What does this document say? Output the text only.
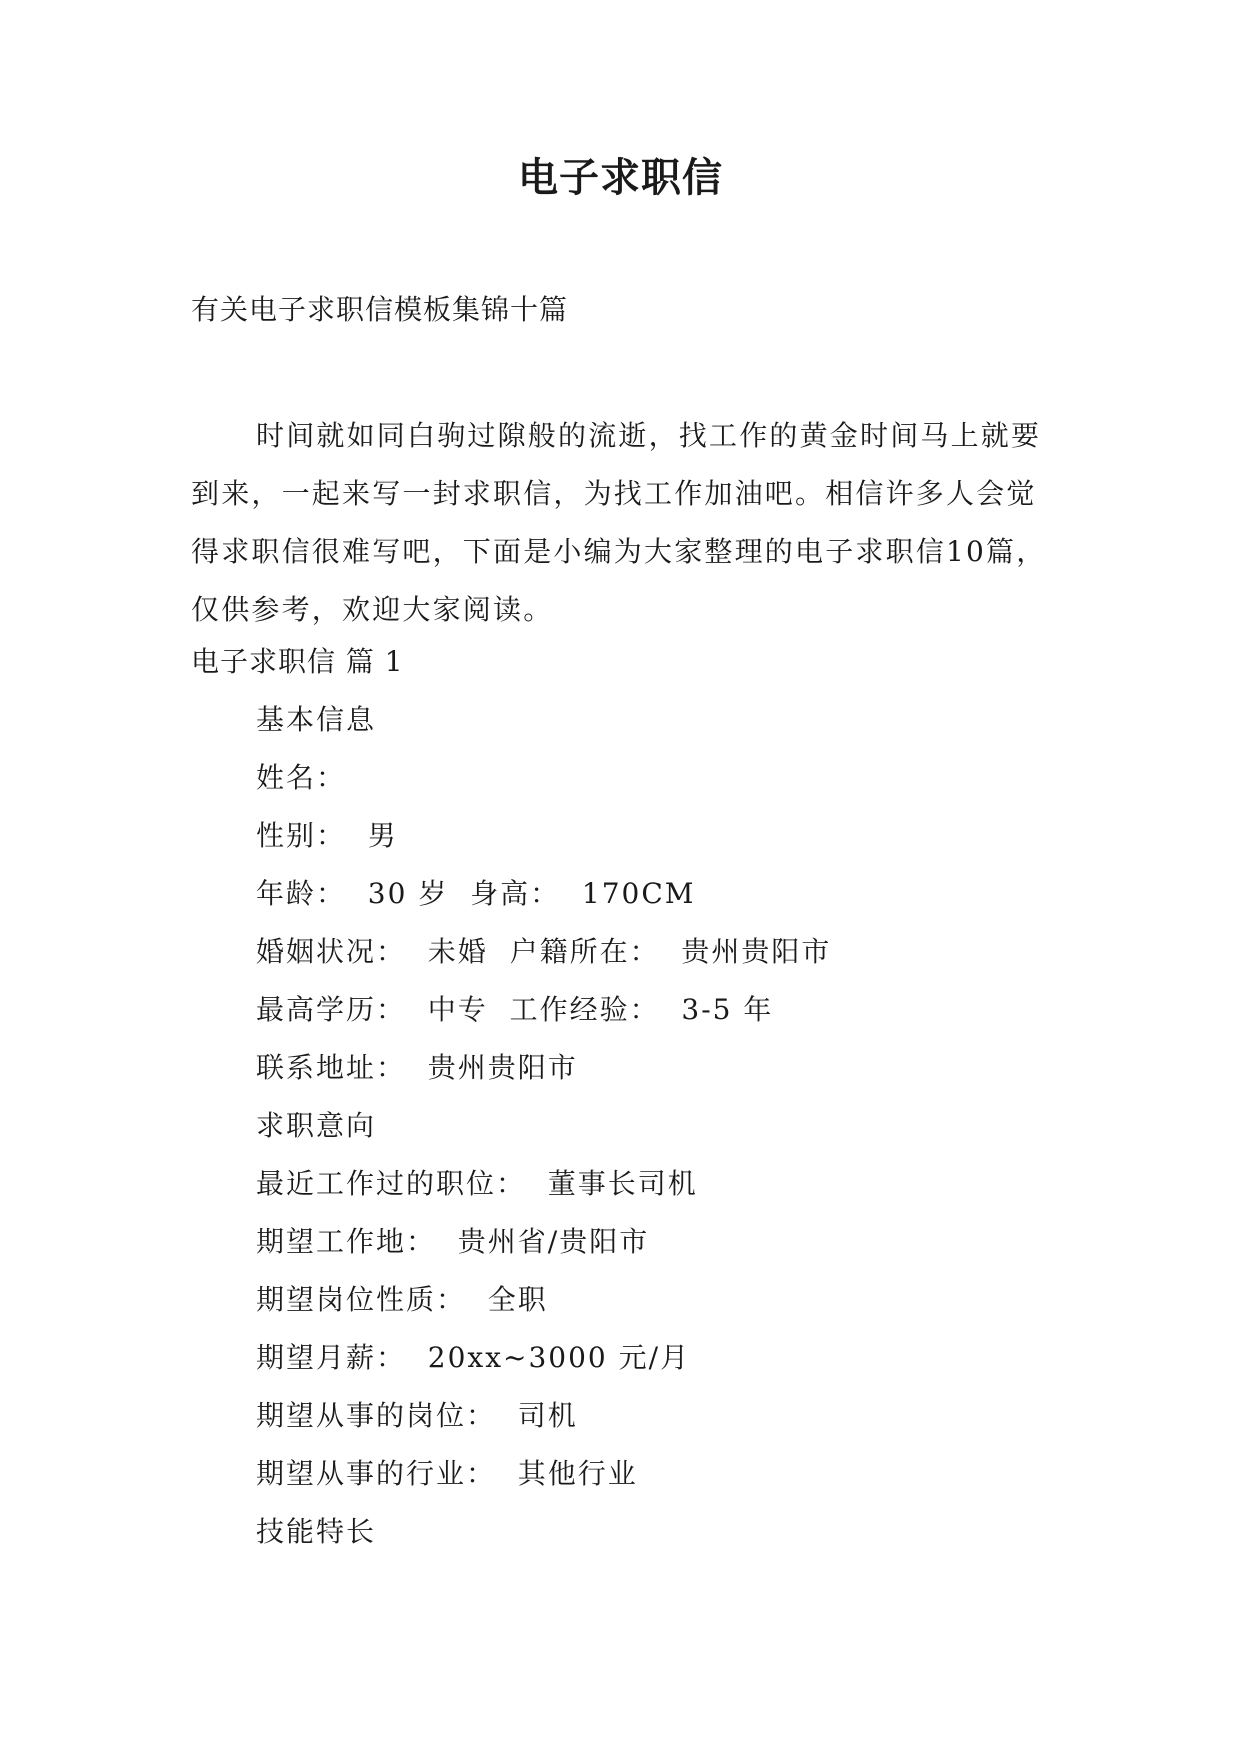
电子求职信

有关电子求职信模板集锦十篇

时间就如同白驹过隙般的流逝，找工作的黄金时间马上就要到来，一起来写一封求职信，为找工作加油吧。相信许多人会觉得求职信很难写吧，下面是小编为大家整理的电子求职信10篇，仅供参考，欢迎大家阅读。

电子求职信 篇 1

基本信息
姓名：
性别：  男
年龄：  30 岁  身高：  170CM
婚姻状况：  未婚  户籍所在：  贵州贵阳市
最高学历：  中专  工作经验：  3-5 年
联系地址：  贵州贵阳市
求职意向
最近工作过的职位：  董事长司机
期望工作地：  贵州省/贵阳市
期望岗位性质：  全职
期望月薪：  20xx~3000 元/月
期望从事的岗位：  司机
期望从事的行业：  其他行业
技能特长
